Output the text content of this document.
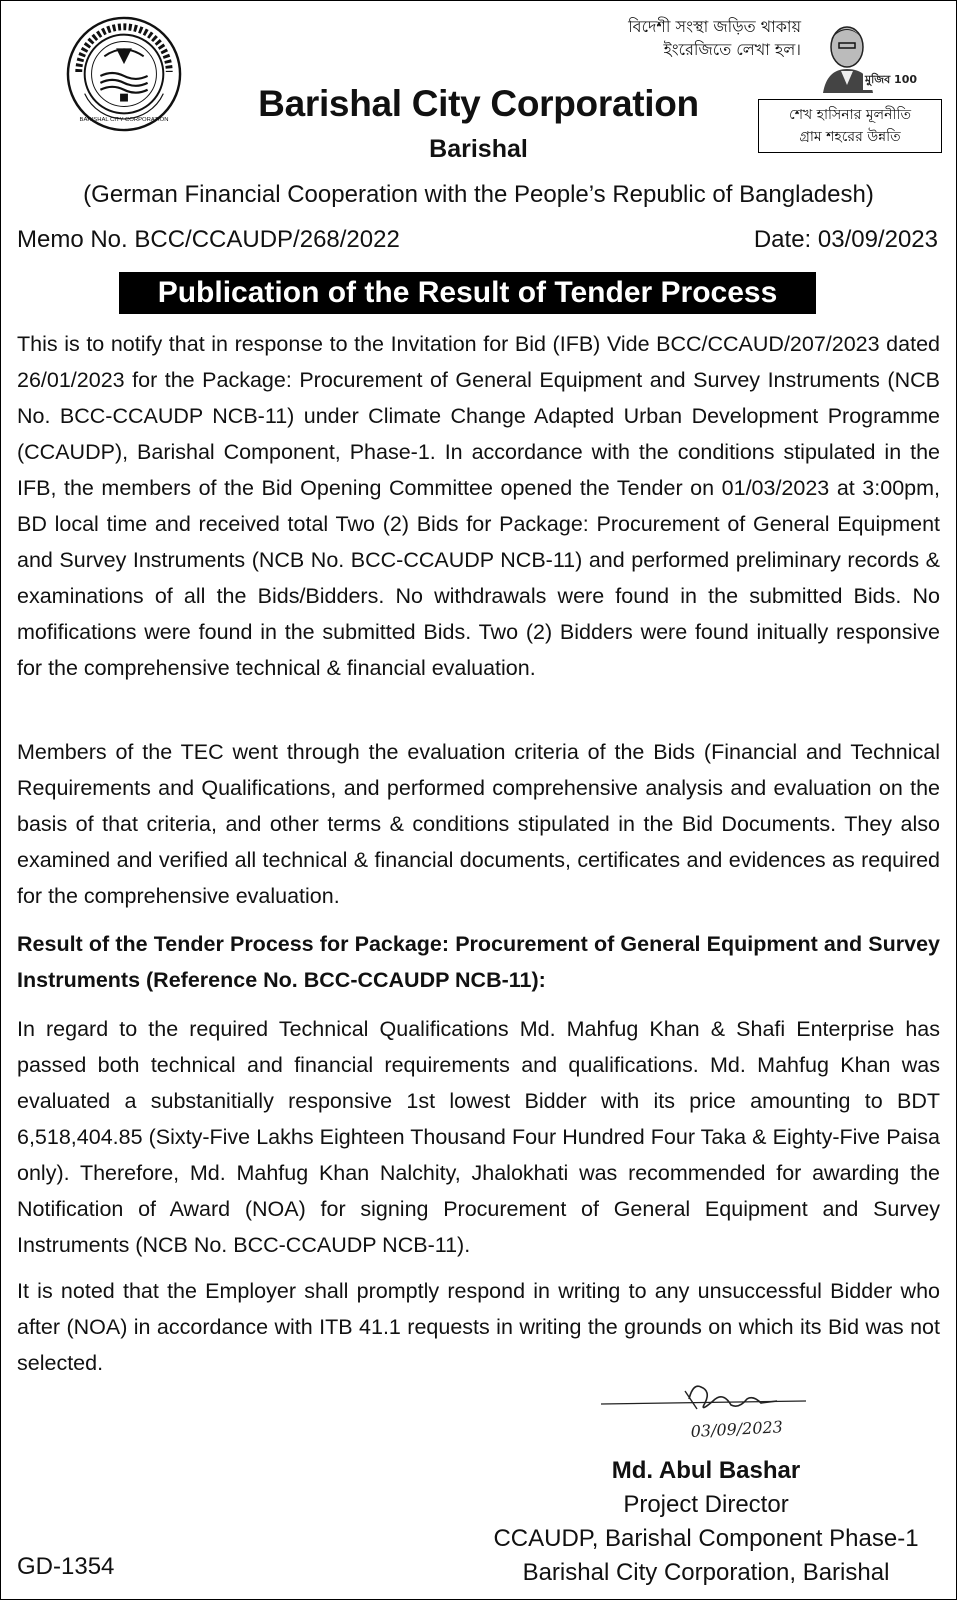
BARISHAL CITY CORPORATION
বিদেশী সংস্থা জড়িত থাকায়
ইংরেজিতে লেখা হল।
মুজিব 100
শেখ হাসিনার মূলনীতি
গ্রাম শহরের উন্নতি
Barishal City Corporation
Barishal
(German Financial Cooperation with the People’s Republic of Bangladesh)
Memo No. BCC/CCAUDP/268/2022	Date: 03/09/2023
Publication of the Result of Tender Process
This is to notify that in response to the Invitation for Bid (IFB) Vide BCC/CCAUD/207/2023 dated 26/01/2023 for the Package: Procurement of General Equipment and Survey Instruments (NCB No. BCC-CCAUDP NCB-11) under Climate Change Adapted Urban Development Programme (CCAUDP), Barishal Component, Phase-1. In accordance with the conditions stipulated in the IFB, the members of the Bid Opening Committee opened the Tender on 01/03/2023 at 3:00pm, BD local time and received total Two (2) Bids for Package: Procurement of General Equipment and Survey Instruments (NCB No. BCC-CCAUDP NCB-11) and performed preliminary records & examinations of all the Bids/Bidders. No withdrawals were found in the submitted Bids. No mofifications were found in the submitted Bids. Two (2) Bidders were found initually responsive for the comprehensive technical & financial evaluation.
Members of the TEC went through the evaluation criteria of the Bids (Financial and Technical Requirements and Qualifications, and performed comprehensive analysis and evaluation on the basis of that criteria, and other terms & conditions stipulated in the Bid Documents. They also examined and verified all technical & financial documents, certificates and evidences as required for the comprehensive evaluation.
Result of the Tender Process for Package: Procurement of General Equipment and Survey Instruments (Reference No. BCC-CCAUDP NCB-11):
In regard to the required Technical Qualifications Md. Mahfug Khan & Shafi Enterprise has passed both technical and financial requirements and qualifications. Md. Mahfug Khan was evaluated a substanitially responsive 1st lowest Bidder with its price amounting to BDT 6,518,404.85 (Sixty-Five Lakhs Eighteen Thousand Four Hundred Four Taka & Eighty-Five Paisa only). Therefore, Md. Mahfug Khan Nalchity, Jhalokhati was recommended for awarding the Notification of Award (NOA) for signing Procurement of General Equipment and Survey Instruments (NCB No. BCC-CCAUDP NCB-11).
It is noted that the Employer shall promptly respond in writing to any unsuccessful Bidder who after (NOA) in accordance with ITB 41.1 requests in writing the grounds on which its Bid was not selected.
03/09/2023
Md. Abul Bashar
Project Director
CCAUDP, Barishal Component Phase-1
Barishal City Corporation, Barishal
GD-1354
